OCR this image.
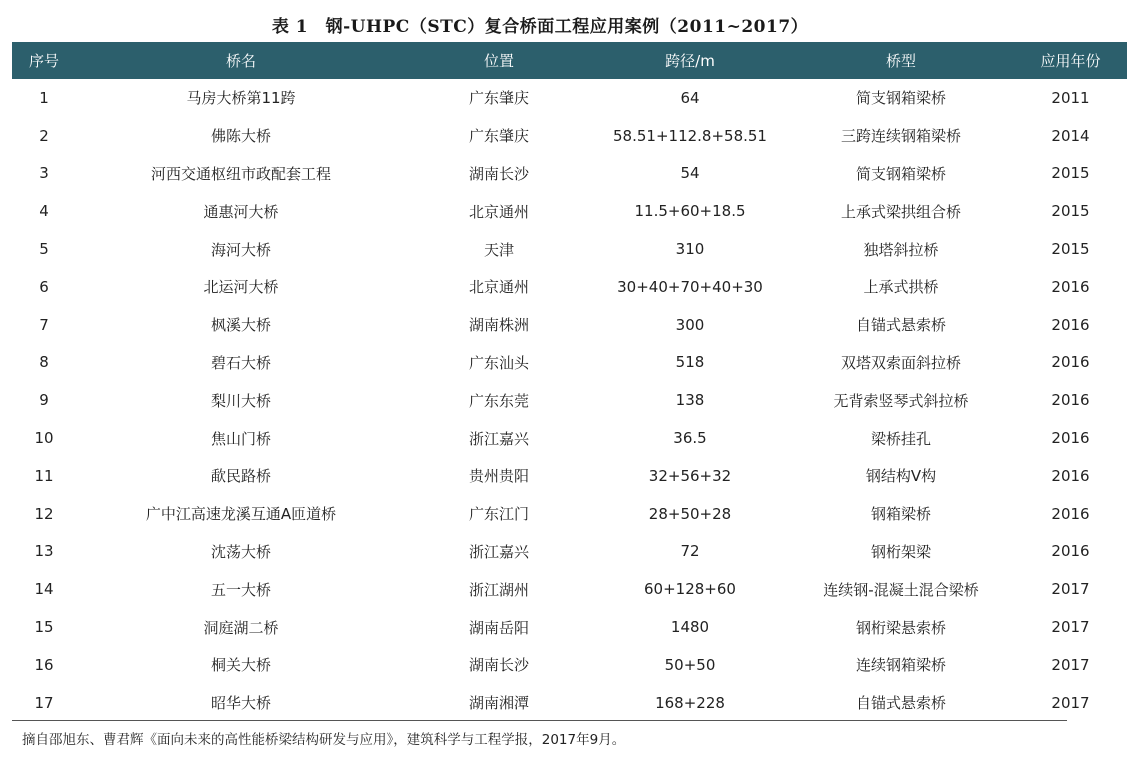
表 1　钢-UHPC（STC）复合桥面工程应用案例（2011~2017）
序号	桥名	位置	跨径/m	桥型	应用年份
1	马房大桥第11跨	广东肇庆	64	简支钢箱梁桥	2011
2	佛陈大桥	广东肇庆	58.51+112.8+58.51	三跨连续钢箱梁桥	2014
3	河西交通枢纽市政配套工程	湖南长沙	54	简支钢箱梁桥	2015
4	通惠河大桥	北京通州	11.5+60+18.5	上承式梁拱组合桥	2015
5	海河大桥	天津	310	独塔斜拉桥	2015
6	北运河大桥	北京通州	30+40+70+40+30	上承式拱桥	2016
7	枫溪大桥	湖南株洲	300	自锚式悬索桥	2016
8	碧石大桥	广东汕头	518	双塔双索面斜拉桥	2016
9	梨川大桥	广东东莞	138	无背索竖琴式斜拉桥	2016
10	焦山门桥	浙江嘉兴	36.5	梁桥挂孔	2016
11	歃民路桥	贵州贵阳	32+56+32	钢结构V构	2016
12	广中江高速龙溪互通A匝道桥	广东江门	28+50+28	钢箱梁桥	2016
13	沈荡大桥	浙江嘉兴	72	钢桁架梁	2016
14	五一大桥	浙江湖州	60+128+60	连续钢-混凝土混合梁桥	2017
15	洞庭湖二桥	湖南岳阳	1480	钢桁梁悬索桥	2017
16	桐关大桥	湖南长沙	50+50	连续钢箱梁桥	2017
17	昭华大桥	湖南湘潭	168+228	自锚式悬索桥	2017
摘自邵旭东、曹君辉《面向未来的高性能桥梁结构研发与应用》，建筑科学与工程学报，2017年9月。
